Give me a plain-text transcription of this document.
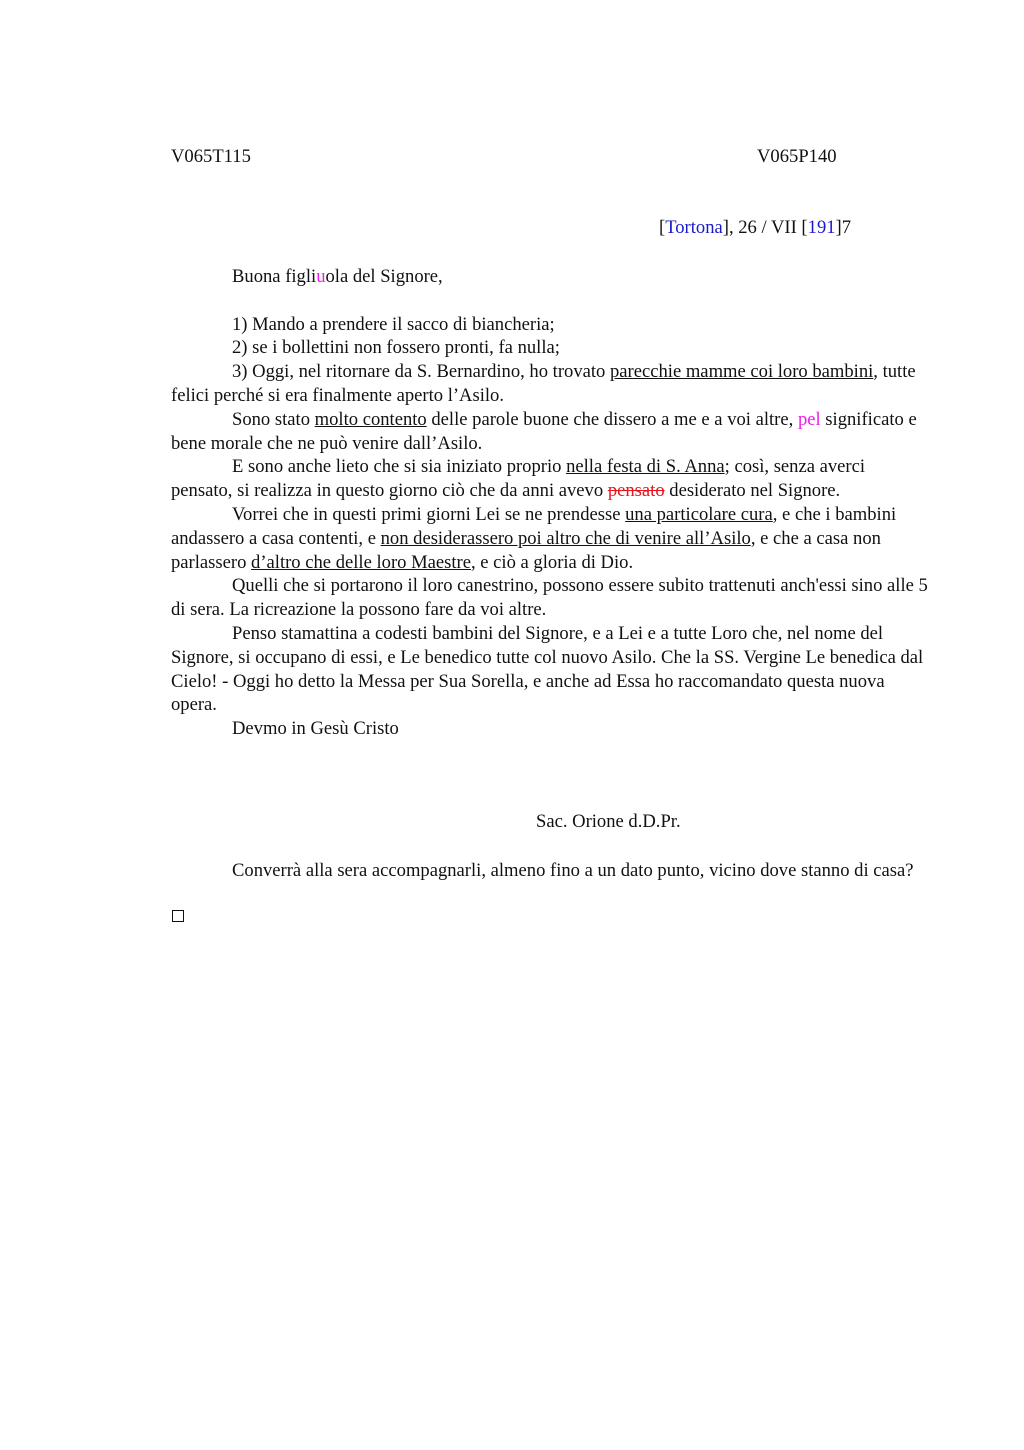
V065T115	V065P140
[Tortona], 26 / VII [191]7

Buona figliuola del Signore,

1) Mando a prendere il sacco di biancheria;

2) se i bollettini non fossero pronti, fa nulla;

3) Oggi, nel ritornare da S. Bernardino, ho trovato parecchie mamme coi loro bambini, tutte felici perché si era finalmente aperto l’Asilo.

Sono stato molto contento delle parole buone che dissero a me e a voi altre, pel significato e bene morale che ne può venire dall’Asilo.

E sono anche lieto che si sia iniziato proprio nella festa di S. Anna; così, senza averci pensato, si realizza in questo giorno ciò che da anni avevo pensato desiderato nel Signore.

Vorrei che in questi primi giorni Lei se ne prendesse una particolare cura, e che i bambini andassero a casa contenti, e non desiderassero poi altro che di venire all’Asilo, e che a casa non parlassero d’altro che delle loro Maestre, e ciò a gloria di Dio.

Quelli che si portarono il loro canestrino, possono essere subito trattenuti anch'essi sino alle 5 di sera. La ricreazione la possono fare da voi altre.

Penso stamattina a codesti bambini del Signore, e a Lei e a tutte Loro che, nel nome del Signore, si occupano di essi, e Le benedico tutte col nuovo Asilo. Che la SS. Vergine Le benedica dal Cielo! - Oggi ho detto la Messa per Sua Sorella, e anche ad Essa ho raccomandato questa nuova opera.

Devmo in Gesù Cristo

Sac. Orione d.D.Pr.

Converrà alla sera accompagnarli, almeno fino a un dato punto, vicino dove stanno di casa?
